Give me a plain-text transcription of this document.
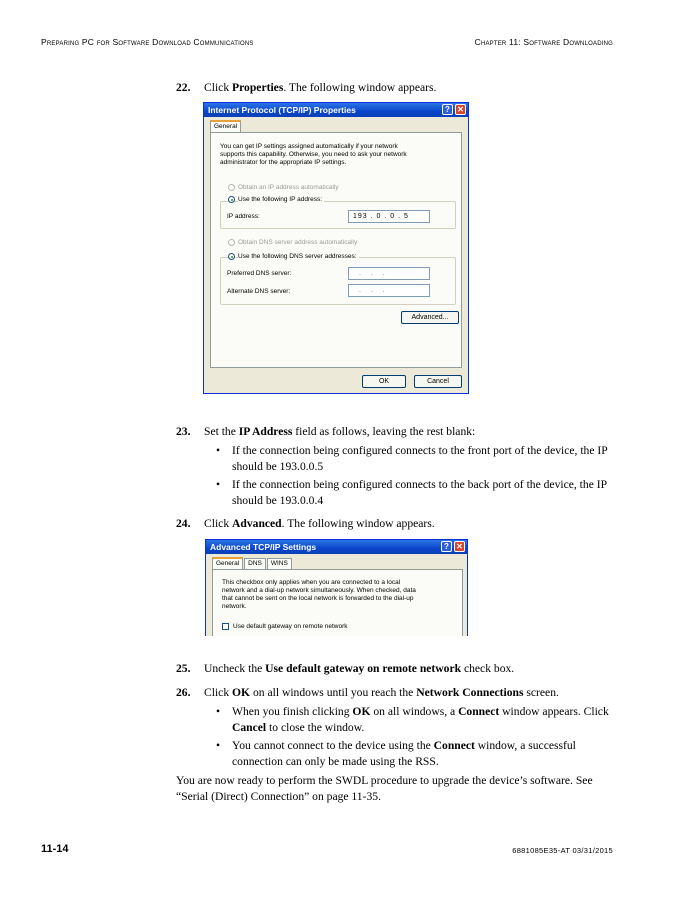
Preparing PC for Software Download Communications	Chapter 11: Software Downloading
22. Click Properties. The following window appears.
Internet Protocol (TCP/IP) Properties	? ✕
General
You can get IP settings assigned automatically if your network
supports this capability. Otherwise, you need to ask your network
administrator for the appropriate IP settings.
Obtain an IP address automatically
Use the following IP address:
IP address:	193 . 0 . 0 . 5
Obtain DNS server address automatically
Use the following DNS server addresses:
Preferred DNS server:	. . .
Alternate DNS server:	. . .
Advanced...
OK	Cancel
23. Set the IP Address field as follows, leaving the rest blank:
• If the connection being configured connects to the front port of the device, the IP should be 193.0.0.5
• If the connection being configured connects to the back port of the device, the IP should be 193.0.0.4
24. Click Advanced. The following window appears.
Advanced TCP/IP Settings	? ✕
General	DNS	WINS
This checkbox only applies when you are connected to a local
network and a dial-up network simultaneously. When checked, data
that cannot be sent on the local network is forwarded to the dial-up
network.
Use default gateway on remote network
25. Uncheck the Use default gateway on remote network check box.
26. Click OK on all windows until you reach the Network Connections screen.
• When you finish clicking OK on all windows, a Connect window appears. Click Cancel to close the window.
• You cannot connect to the device using the Connect window, a successful connection can only be made using the RSS.
You are now ready to perform the SWDL procedure to upgrade the device’s software. See “Serial (Direct) Connection” on page 11-35.
11-14	6881085E35-AT 03/31/2015
